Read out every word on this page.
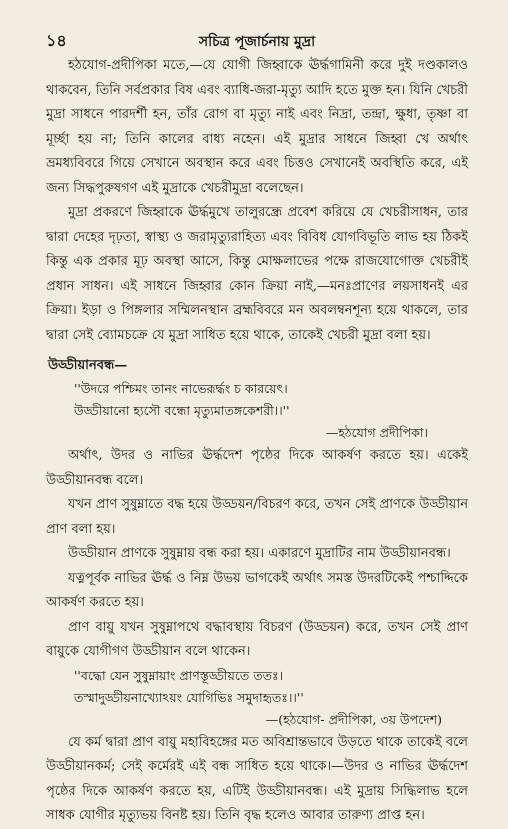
১৪	সচিত্র পূজার্চনায় মুদ্রা

হঠযোগ-প্রদীপিকা মতে,—যে যোগী জিহ্বাকে ঊর্দ্ধগামিনী করে দুই দণ্ডকালও থাকবেন, তিনি সর্বপ্রকার বিষ এবং ব্যাধি-জরা-মৃত্যু আদি হতে মুক্ত হন। যিনি খেচরী মুদ্রা সাধনে পারদর্শী হন, তাঁর রোগ বা মৃত্যু নাই এবং নিদ্রা, তন্দ্রা, ক্ষুধা, তৃষ্ণা বা মূর্চ্ছা হয় না; তিনি কালের বাধ্য নহেন। এই মুদ্রার সাধনে জিহ্বা খে অর্থাৎ ভ্রমধ্যবিবরে গিয়ে সেখানে অবস্থান করে এবং চিত্তও সেখানেই অবস্থিতি করে, এই জন্য সিদ্ধপুরুষগণ এই মুদ্রাকে খেচরীমুদ্রা বলেছেন।

মুদ্রা প্রকরণে জিহ্বাকে ঊর্দ্ধমুখে তালুরন্ধ্রে প্রবেশ করিয়ে যে খেচরীসাধন, তার দ্বারা দেহের দৃঢ়তা, স্বাস্থ্য ও জরামৃত্যুরাহিত্য এবং বিবিধ যোগবিভূতি লাভ হয় ঠিকই কিন্তু এক প্রকার মূঢ় অবস্থা আসে, কিন্তু মোক্ষলাভের পক্ষে রাজযোগোক্ত খেচরীই প্রধান সাধন। এই সাধনে জিহ্বার কোন ক্রিয়া নাই,—মনঃপ্রাণের লয়সাধনই এর ক্রিয়া। ইড়া ও পিঙ্গলার সম্মিলনস্থান ব্রহ্মবিবরে মন অবলম্বনশূন্য হয়ে থাকলে, তার দ্বারা সেই ব্যোমচক্রে যে মুদ্রা সাধিত হয়ে থাকে, তাকেই খেচরী মুদ্রা বলা হয়।

উড্ডীয়ানবন্ধ—
''উদরে পশ্চিমং তানং নাভেরূর্দ্ধং চ কারয়েৎ।
উড্ডীয়ানো হ্যসৌ বন্ধো মৃত্যুমাতঙ্গকেশরী।।''
—হঠযোগ প্রদীপিকা।

অর্থাৎ, উদর ও নাভির ঊর্দ্ধদেশ পৃষ্ঠের দিকে আকর্ষণ করতে হয়। একেই উড্ডীয়ানবন্ধ বলে।

যখন প্রাণ সুষুম্নাতে বদ্ধ হয়ে উড্ডয়ন/বিচরণ করে, তখন সেই প্রাণকে উড্ডীয়ান প্রাণ বলা হয়।

উড্ডীয়ান প্রাণকে সুষুম্নায় বন্ধ করা হয়। একারণে মুদ্রাটির নাম উড্ডীয়ানবন্ধ।

যত্নপূর্বক নাভির ঊর্দ্ধ ও নিম্ন উভয় ভাগকেই অর্থাৎ সমস্ত উদরটিকেই পশ্চাদ্দিকে আকর্ষণ করতে হয়।

প্রাণ বায়ু যখন সুষুম্নাপথে বদ্ধাবস্থায় বিচরণ (উড্ডয়ন) করে, তখন সেই প্রাণ বায়ুকে যোগীগণ উড্ডীয়ান বলে থাকেন।

''বদ্ধো যেন সুষুম্নায়াং প্রাণস্তূড্ডীয়তে ততঃ।
তস্মাদুড্ডীয়নাখ্যোঽয়ং যোগিভিঃ সমুদাহৃতঃ।।''
—(হঠযোগ- প্রদীপিকা, ৩য় উপদেশ)

যে কর্ম দ্বারা প্রাণ বায়ু মহাবিহঙ্গের মত অবিশ্রান্তভাবে উড়তে থাকে তাকেই বলে উড্ডীয়ানকর্ম; সেই কর্মেরই এই বন্ধ সাধিত হয়ে থাকে।—উদর ও নাভির ঊর্দ্ধদেশ পৃষ্ঠের দিকে আকর্ষণ করতে হয়, এটিই উড্ডীয়ানবন্ধ। এই মুদ্রায় সিদ্ধিলাভ হলে সাধক যোগীর মৃত্যুভয় বিনষ্ট হয়। তিনি বৃদ্ধ হলেও আবার তারুণ্য প্রাপ্ত হন।
